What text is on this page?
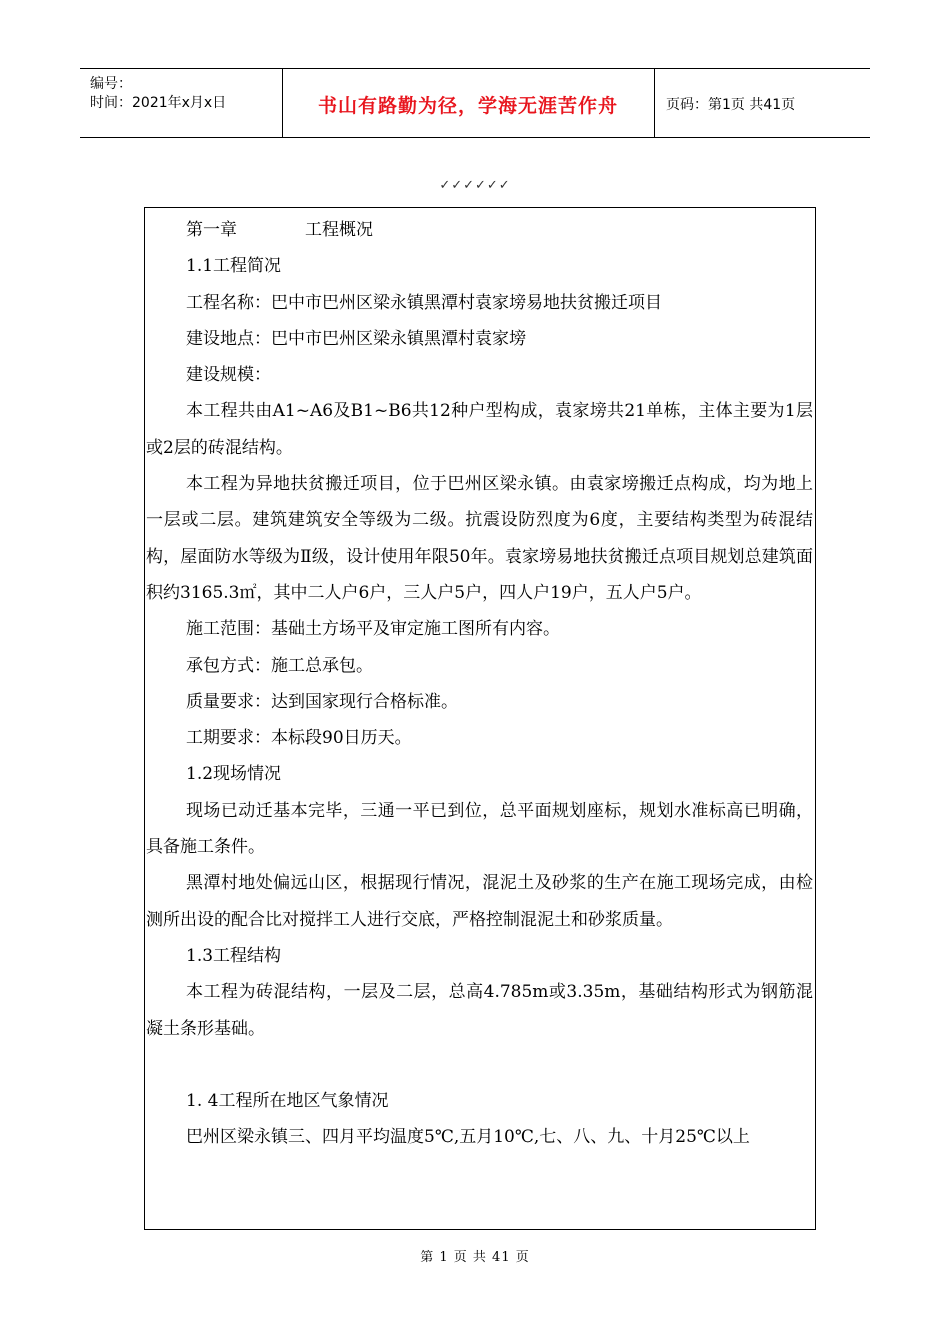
编号：
时间：2021年x月x日	书山有路勤为径，学海无涯苦作舟	页码：第1页 共41页
✓✓✓✓✓✓

第一章	工程概况

1.1工程简况

工程名称：巴中市巴州区梁永镇黑潭村袁家塝易地扶贫搬迁项目

建设地点：巴中市巴州区梁永镇黑潭村袁家塝

建设规模：

本工程共由A1~A6及B1~B6共12种户型构成，袁家塝共21单栋，主体主要为1层或2层的砖混结构。

本工程为异地扶贫搬迁项目，位于巴州区梁永镇。由袁家塝搬迁点构成，均为地上一层或二层。建筑建筑安全等级为二级。抗震设防烈度为6度，主要结构类型为砖混结构，屋面防水等级为Ⅱ级，设计使用年限50年。袁家塝易地扶贫搬迁点项目规划总建筑面积约3165.3㎡，其中二人户6户，三人户5户，四人户19户，五人户5户。

施工范围：基础土方场平及审定施工图所有内容。

承包方式：施工总承包。

质量要求：达到国家现行合格标准。

工期要求：本标段90日历天。

1.2现场情况

现场已动迁基本完毕，三通一平已到位，总平面规划座标，规划水准标高已明确，具备施工条件。

黑潭村地处偏远山区，根据现行情况，混泥土及砂浆的生产在施工现场完成，由检测所出设的配合比对搅拌工人进行交底，严格控制混泥土和砂浆质量。

1.3工程结构

本工程为砖混结构，一层及二层，总高4.785m或3.35m，基础结构形式为钢筋混凝土条形基础。

1. 4工程所在地区气象情况

巴州区梁永镇三、四月平均温度5℃,五月10℃,七、八、九、十月25℃以上

第 1 页 共 41 页
